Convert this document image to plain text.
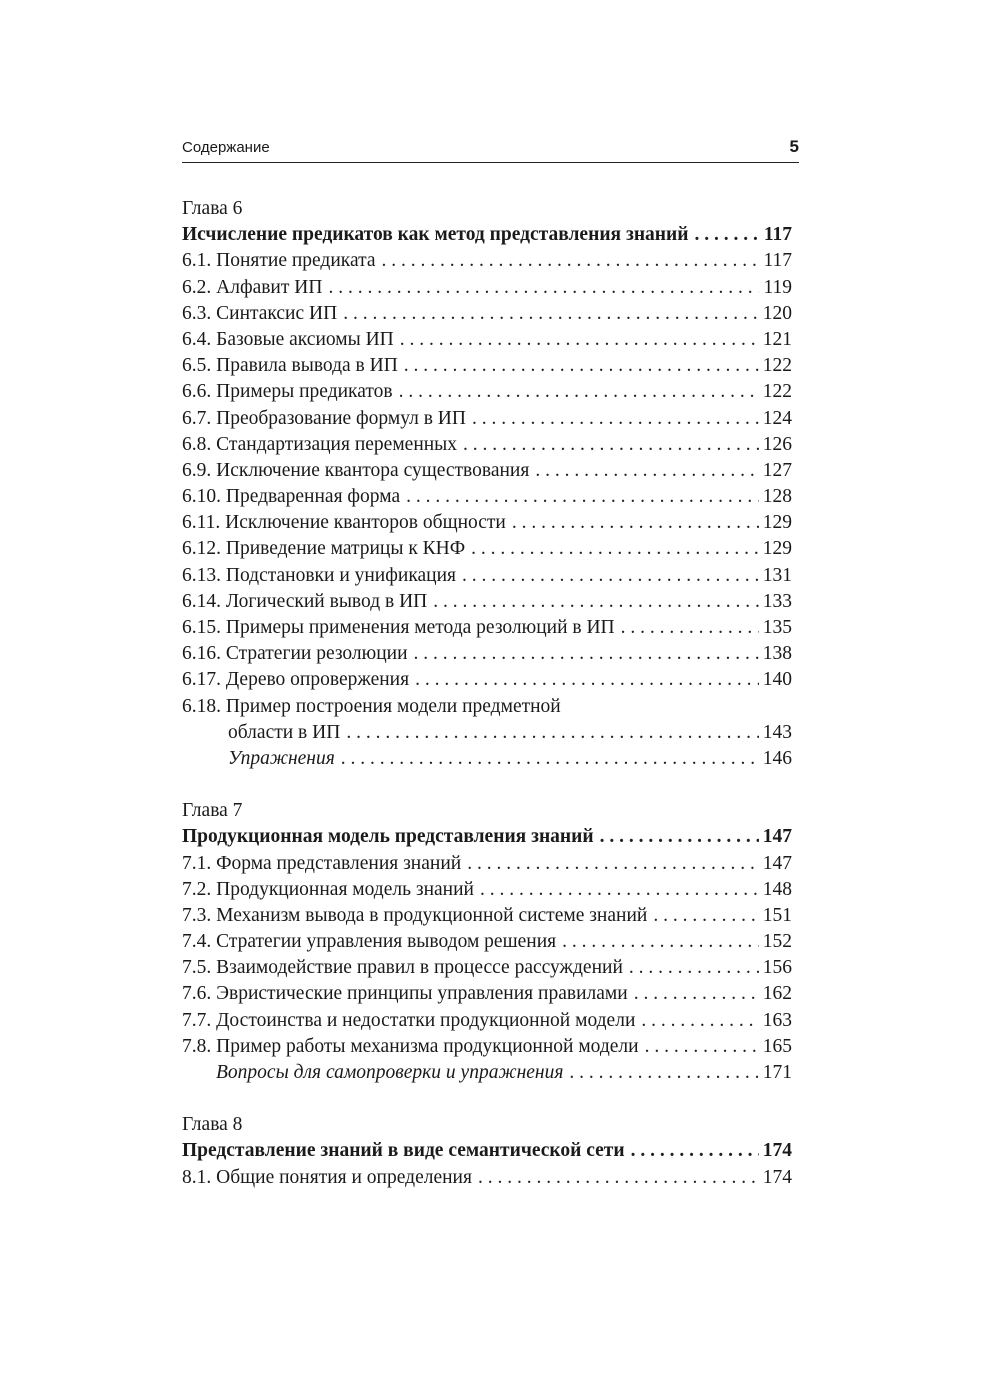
Содержание	5
Глава 6
Исчисление предикатов как метод представления знаний . . .	117
6.1. Понятие предиката . . .	117
6.2. Алфавит ИП . . .	119
6.3. Синтаксис ИП . . .	120
6.4. Базовые аксиомы ИП . . .	121
6.5. Правила вывода в ИП . . .	122
6.6. Примеры предикатов . . .	122
6.7. Преобразование формул в ИП . . .	124
6.8. Стандартизация переменных . . .	126
6.9. Исключение квантора существования . . .	127
6.10. Предваренная форма . . .	128
6.11. Исключение кванторов общности . . .	129
6.12. Приведение матрицы к КНФ . . .	129
6.13. Подстановки и унификация . . .	131
6.14. Логический вывод в ИП . . .	133
6.15. Примеры применения метода резолюций в ИП . . .	135
6.16. Стратегии резолюции . . .	138
6.17. Дерево опровержения . . .	140
6.18. Пример построения модели предметной
области в ИП . . .	143
Упражнения . . .	146
Глава 7
Продукционная модель представления знаний . . .	147
7.1. Форма представления знаний . . .	147
7.2. Продукционная модель знаний . . .	148
7.3. Механизм вывода в продукционной системе знаний . . .	151
7.4. Стратегии управления выводом решения . . .	152
7.5. Взаимодействие правил в процессе рассуждений . . .	156
7.6. Эвристические принципы управления правилами . . .	162
7.7. Достоинства и недостатки продукционной модели . . .	163
7.8. Пример работы механизма продукционной модели . . .	165
Вопросы для самопроверки и упражнения . . .	171
Глава 8
Представление знаний в виде семантической сети . . .	174
8.1. Общие понятия и определения . . .	174
